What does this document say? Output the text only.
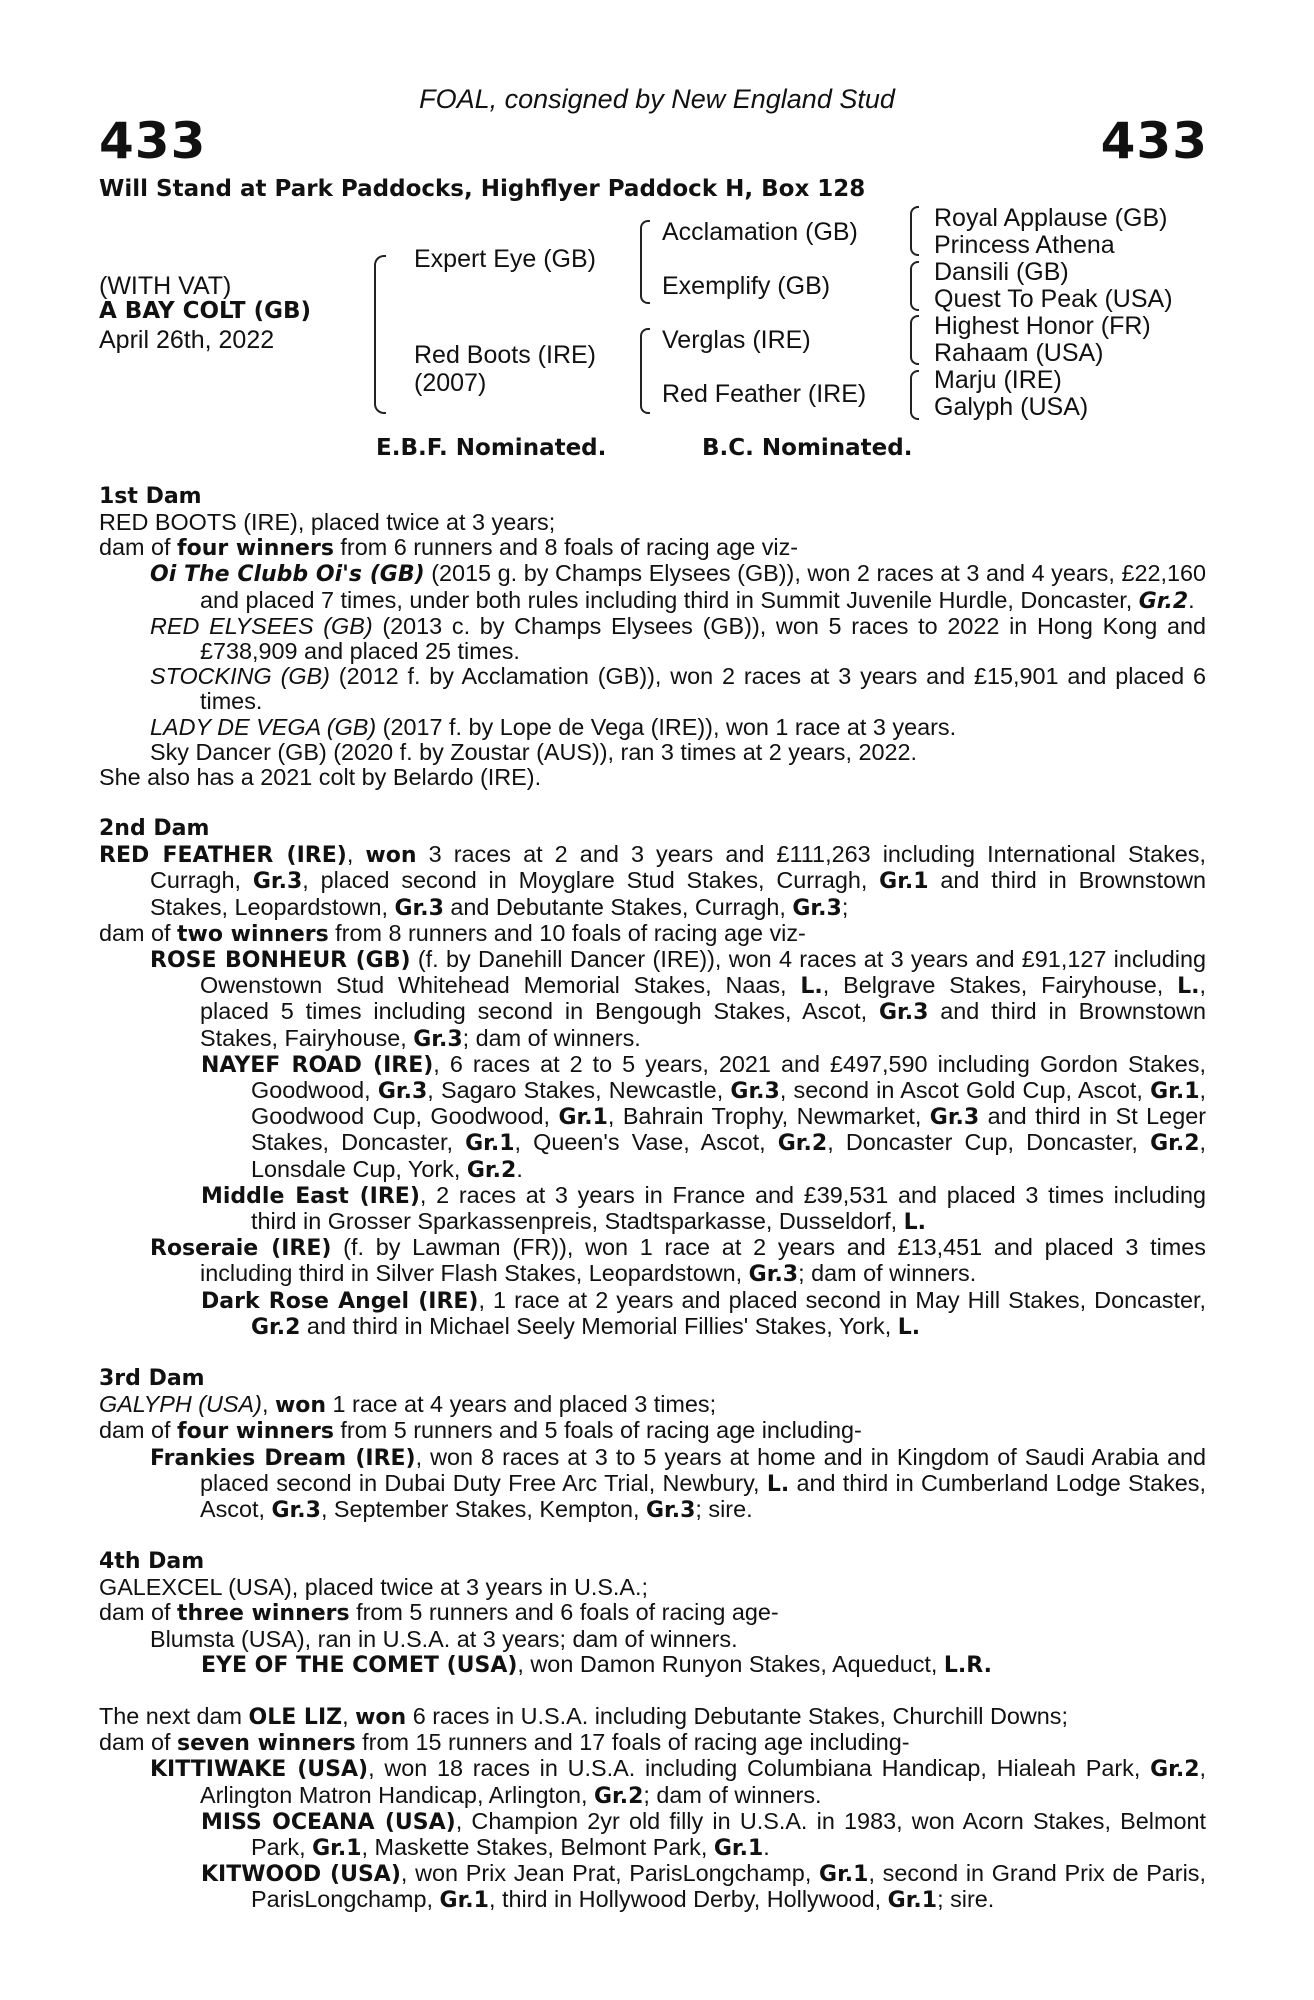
FOAL, consigned by New England Stud
433	433
Will Stand at Park Paddocks, Highflyer Paddock H, Box 128
(WITH VAT)
A BAY COLT (GB)
April 26th, 2022
Expert Eye (GB)
Red Boots (IRE)
(2007)
Acclamation (GB)
Exemplify (GB)
Verglas (IRE)
Red Feather (IRE)
Royal Applause (GB)
Princess Athena
Dansili (GB)
Quest To Peak (USA)
Highest Honor (FR)
Rahaam (USA)
Marju (IRE)
Galyph (USA)
E.B.F. Nominated.	B.C. Nominated.

1st Dam

RED BOOTS (IRE), placed twice at 3 years;

dam of four winners from 6 runners and 8 foals of racing age viz-

Oi The Clubb Oi's (GB) (2015 g. by Champs Elysees (GB)), won 2 races at 3 and 4 years, £22,160 and placed 7 times, under both rules including third in Summit Juvenile Hurdle, Doncaster, Gr.2.

RED ELYSEES (GB) (2013 c. by Champs Elysees (GB)), won 5 races to 2022 in Hong Kong and £738,909 and placed 25 times.

STOCKING (GB) (2012 f. by Acclamation (GB)), won 2 races at 3 years and £15,901 and placed 6 times.

LADY DE VEGA (GB) (2017 f. by Lope de Vega (IRE)), won 1 race at 3 years.

Sky Dancer (GB) (2020 f. by Zoustar (AUS)), ran 3 times at 2 years, 2022.

She also has a 2021 colt by Belardo (IRE).

2nd Dam

RED FEATHER (IRE), won 3 races at 2 and 3 years and £111,263 including International Stakes, Curragh, Gr.3, placed second in Moyglare Stud Stakes, Curragh, Gr.1 and third in Brownstown Stakes, Leopardstown, Gr.3 and Debutante Stakes, Curragh, Gr.3;

dam of two winners from 8 runners and 10 foals of racing age viz-

ROSE BONHEUR (GB) (f. by Danehill Dancer (IRE)), won 4 races at 3 years and £91,127 including Owenstown Stud Whitehead Memorial Stakes, Naas, L., Belgrave Stakes, Fairyhouse, L., placed 5 times including second in Bengough Stakes, Ascot, Gr.3 and third in Brownstown Stakes, Fairyhouse, Gr.3; dam of winners.

NAYEF ROAD (IRE), 6 races at 2 to 5 years, 2021 and £497,590 including Gordon Stakes, Goodwood, Gr.3, Sagaro Stakes, Newcastle, Gr.3, second in Ascot Gold Cup, Ascot, Gr.1, Goodwood Cup, Goodwood, Gr.1, Bahrain Trophy, Newmarket, Gr.3 and third in St Leger Stakes, Doncaster, Gr.1, Queen's Vase, Ascot, Gr.2, Doncaster Cup, Doncaster, Gr.2, Lonsdale Cup, York, Gr.2.

Middle East (IRE), 2 races at 3 years in France and £39,531 and placed 3 times including third in Grosser Sparkassenpreis, Stadtsparkasse, Dusseldorf, L.

Roseraie (IRE) (f. by Lawman (FR)), won 1 race at 2 years and £13,451 and placed 3 times including third in Silver Flash Stakes, Leopardstown, Gr.3; dam of winners.

Dark Rose Angel (IRE), 1 race at 2 years and placed second in May Hill Stakes, Doncaster, Gr.2 and third in Michael Seely Memorial Fillies' Stakes, York, L.

3rd Dam

GALYPH (USA), won 1 race at 4 years and placed 3 times;

dam of four winners from 5 runners and 5 foals of racing age including-

Frankies Dream (IRE), won 8 races at 3 to 5 years at home and in Kingdom of Saudi Arabia and placed second in Dubai Duty Free Arc Trial, Newbury, L. and third in Cumberland Lodge Stakes, Ascot, Gr.3, September Stakes, Kempton, Gr.3; sire.

4th Dam

GALEXCEL (USA), placed twice at 3 years in U.S.A.;

dam of three winners from 5 runners and 6 foals of racing age-

Blumsta (USA), ran in U.S.A. at 3 years; dam of winners.

EYE OF THE COMET (USA), won Damon Runyon Stakes, Aqueduct, L.R.

The next dam OLE LIZ, won 6 races in U.S.A. including Debutante Stakes, Churchill Downs;

dam of seven winners from 15 runners and 17 foals of racing age including-

KITTIWAKE (USA), won 18 races in U.S.A. including Columbiana Handicap, Hialeah Park, Gr.2, Arlington Matron Handicap, Arlington, Gr.2; dam of winners.

MISS OCEANA (USA), Champion 2yr old filly in U.S.A. in 1983, won Acorn Stakes, Belmont Park, Gr.1, Maskette Stakes, Belmont Park, Gr.1.

KITWOOD (USA), won Prix Jean Prat, ParisLongchamp, Gr.1, second in Grand Prix de Paris, ParisLongchamp, Gr.1, third in Hollywood Derby, Hollywood, Gr.1; sire.
